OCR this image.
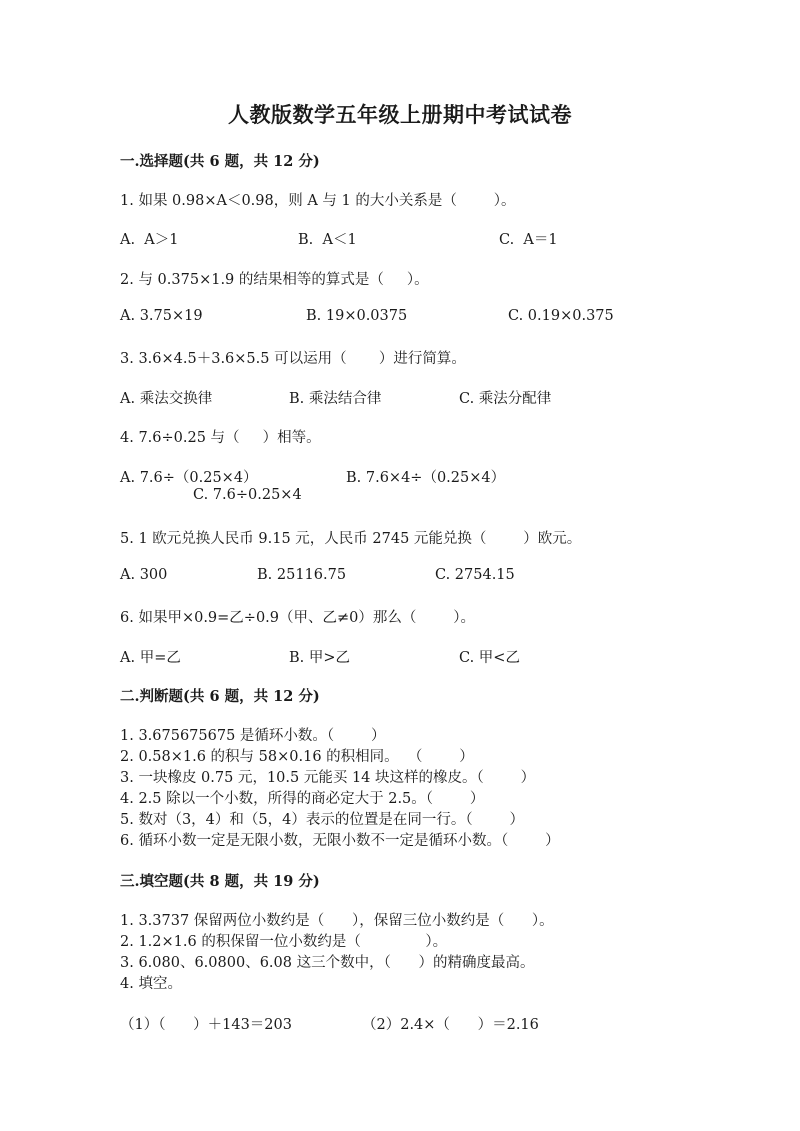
人教版数学五年级上册期中考试试卷
一.选择题(共 6 题，共 12 分)
1. 如果 0.98×A＜0.98，则 A 与 1 的大小关系是（        ）。
A.  A＞1	B.  A＜1	C.  A＝1
2. 与 0.375×1.9 的结果相等的算式是（     ）。
A. 3.75×19	B. 19×0.0375	C. 0.19×0.375
3. 3.6×4.5＋3.6×5.5 可以运用（       ）进行简算。
A. 乘法交换律	B. 乘法结合律	C. 乘法分配律
4. 7.6÷0.25 与（     ）相等。
A. 7.6÷（0.25×4）	B. 7.6×4÷（0.25×4）
C. 7.6÷0.25×4
5. 1 欧元兑换人民币 9.15 元，人民币 2745 元能兑换（        ）欧元。
A. 300	B. 25116.75	C. 2754.15
6. 如果甲×0.9=乙÷0.9（甲、乙≠0）那么（        ）。
A. 甲=乙	B. 甲>乙	C. 甲<乙
二.判断题(共 6 题，共 12 分)
1. 3.675675675 是循环小数。（        ）
2. 0.58×1.6 的积与 58×0.16 的积相同。  （        ）
3. 一块橡皮 0.75 元，10.5 元能买 14 块这样的橡皮。（        ）
4. 2.5 除以一个小数，所得的商必定大于 2.5。（        ）
5. 数对（3，4）和（5，4）表示的位置是在同一行。（        ）
6. 循环小数一定是无限小数，无限小数不一定是循环小数。（        ）
三.填空题(共 8 题，共 19 分)
1. 3.3737 保留两位小数约是（      ），保留三位小数约是（      ）。
2. 1.2×1.6 的积保留一位小数约是（              ）。
3. 6.080、6.0800、6.08 这三个数中，（      ）的精确度最高。
4. 填空。
（1）（      ）＋143＝203	（2）2.4×（      ）＝2.16
